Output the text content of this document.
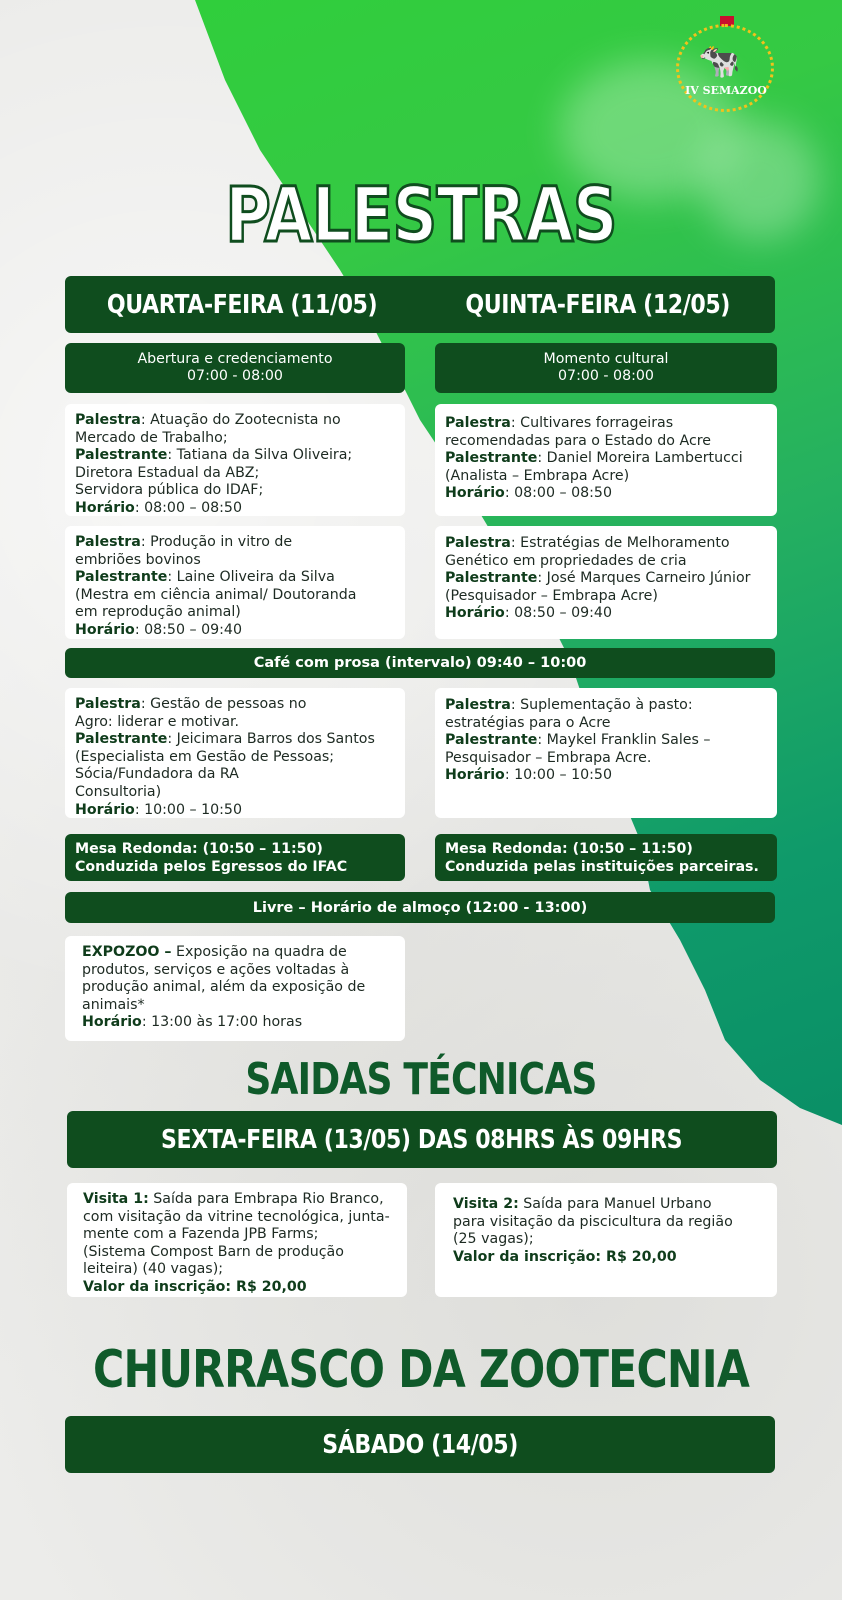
🐄
IV SEMAZOO
PALESTRAS
QUARTA-FEIRA (11/05)	QUINTA-FEIRA (12/05)
Abertura e credenciamento
07:00 - 08:00
Momento cultural
07:00 - 08:00
Palestra: Atuação do Zootecnista no
Mercado de Trabalho;
Palestrante: Tatiana da Silva Oliveira;
Diretora Estadual da ABZ;
Servidora pública do IDAF;
Horário: 08:00 – 08:50
Palestra: Cultivares forrageiras
recomendadas para o Estado do Acre
Palestrante: Daniel Moreira Lambertucci
(Analista – Embrapa Acre)
Horário: 08:00 – 08:50
Palestra: Produção in vitro de
embriões bovinos
Palestrante: Laine Oliveira da Silva
(Mestra em ciência animal/ Doutoranda
em reprodução animal)
Horário: 08:50 – 09:40
Palestra: Estratégias de Melhoramento
Genético em propriedades de cria
Palestrante: José Marques Carneiro Júnior
(Pesquisador – Embrapa Acre)
Horário: 08:50 – 09:40
Café com prosa (intervalo) 09:40 – 10:00
Palestra: Gestão de pessoas no
Agro: liderar e motivar.
Palestrante: Jeicimara Barros dos Santos
(Especialista em Gestão de Pessoas;
Sócia/Fundadora da RA
Consultoria)
Horário: 10:00 – 10:50
Palestra: Suplementação à pasto:
estratégias para o Acre
Palestrante: Maykel Franklin Sales –
Pesquisador – Embrapa Acre.
Horário: 10:00 – 10:50
Mesa Redonda: (10:50 – 11:50)
Conduzida pelos Egressos do IFAC
Mesa Redonda: (10:50 – 11:50)
Conduzida pelas instituições parceiras.
Livre – Horário de almoço (12:00 - 13:00)
EXPOZOO – Exposição na quadra de
produtos, serviços e ações voltadas à
produção animal, além da exposição de
animais*
Horário: 13:00 às 17:00 horas
SAIDAS TÉCNICAS
SEXTA-FEIRA (13/05) DAS 08HRS ÀS 09HRS
Visita 1: Saída para Embrapa Rio Branco,
com visitação da vitrine tecnológica, junta-
mente com a Fazenda JPB Farms;
(Sistema Compost Barn de produção
leiteira) (40 vagas);
Valor da inscrição: R$ 20,00
Visita 2: Saída para Manuel Urbano
para visitação da piscicultura da região
(25 vagas);
Valor da inscrição: R$ 20,00
CHURRASCO DA ZOOTECNIA
SÁBADO (14/05)
